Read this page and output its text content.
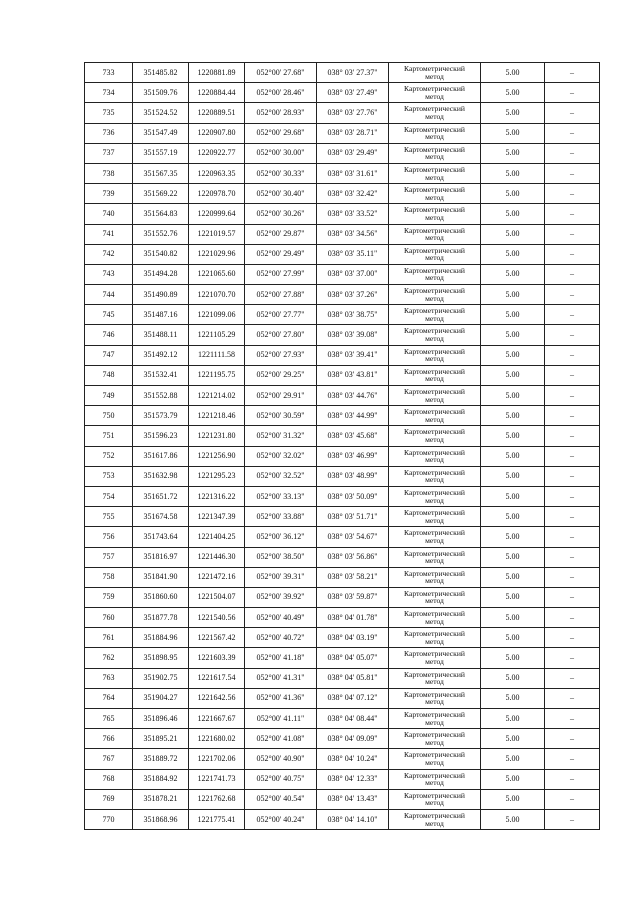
733	351485.82	1220881.89	052°00' 27.68"	038° 03' 27.37"	Картометрический
метод	5.00	–
734	351509.76	1220884.44	052°00' 28.46"	038° 03' 27.49"	Картометрический
метод	5.00	–
735	351524.52	1220889.51	052°00' 28.93"	038° 03' 27.76"	Картометрический
метод	5.00	–
736	351547.49	1220907.80	052°00' 29.68"	038° 03' 28.71"	Картометрический
метод	5.00	–
737	351557.19	1220922.77	052°00' 30.00"	038° 03' 29.49"	Картометрический
метод	5.00	–
738	351567.35	1220963.35	052°00' 30.33"	038° 03' 31.61"	Картометрический
метод	5.00	–
739	351569.22	1220978.70	052°00' 30.40"	038° 03' 32.42"	Картометрический
метод	5.00	–
740	351564.83	1220999.64	052°00' 30.26"	038° 03' 33.52"	Картометрический
метод	5.00	–
741	351552.76	1221019.57	052°00' 29.87"	038° 03' 34.56"	Картометрический
метод	5.00	–
742	351540.82	1221029.96	052°00' 29.49"	038° 03' 35.11"	Картометрический
метод	5.00	–
743	351494.28	1221065.60	052°00' 27.99"	038° 03' 37.00"	Картометрический
метод	5.00	–
744	351490.89	1221070.70	052°00' 27.88"	038° 03' 37.26"	Картометрический
метод	5.00	–
745	351487.16	1221099.06	052°00' 27.77"	038° 03' 38.75"	Картометрический
метод	5.00	–
746	351488.11	1221105.29	052°00' 27.80"	038° 03' 39.08"	Картометрический
метод	5.00	–
747	351492.12	1221111.58	052°00' 27.93"	038° 03' 39.41"	Картометрический
метод	5.00	–
748	351532.41	1221195.75	052°00' 29.25"	038° 03' 43.81"	Картометрический
метод	5.00	–
749	351552.88	1221214.02	052°00' 29.91"	038° 03' 44.76"	Картометрический
метод	5.00	–
750	351573.79	1221218.46	052°00' 30.59"	038° 03' 44.99"	Картометрический
метод	5.00	–
751	351596.23	1221231.80	052°00' 31.32"	038° 03' 45.68"	Картометрический
метод	5.00	–
752	351617.86	1221256.90	052°00' 32.02"	038° 03' 46.99"	Картометрический
метод	5.00	–
753	351632.98	1221295.23	052°00' 32.52"	038° 03' 48.99"	Картометрический
метод	5.00	–
754	351651.72	1221316.22	052°00' 33.13"	038° 03' 50.09"	Картометрический
метод	5.00	–
755	351674.58	1221347.39	052°00' 33.88"	038° 03' 51.71"	Картометрический
метод	5.00	–
756	351743.64	1221404.25	052°00' 36.12"	038° 03' 54.67"	Картометрический
метод	5.00	–
757	351816.97	1221446.30	052°00' 38.50"	038° 03' 56.86"	Картометрический
метод	5.00	–
758	351841.90	1221472.16	052°00' 39.31"	038° 03' 58.21"	Картометрический
метод	5.00	–
759	351860.60	1221504.07	052°00' 39.92"	038° 03' 59.87"	Картометрический
метод	5.00	–
760	351877.78	1221540.56	052°00' 40.49"	038° 04' 01.78"	Картометрический
метод	5.00	–
761	351884.96	1221567.42	052°00' 40.72"	038° 04' 03.19"	Картометрический
метод	5.00	–
762	351898.95	1221603.39	052°00' 41.18"	038° 04' 05.07"	Картометрический
метод	5.00	–
763	351902.75	1221617.54	052°00' 41.31"	038° 04' 05.81"	Картометрический
метод	5.00	–
764	351904.27	1221642.56	052°00' 41.36"	038° 04' 07.12"	Картометрический
метод	5.00	–
765	351896.46	1221667.67	052°00' 41.11"	038° 04' 08.44"	Картометрический
метод	5.00	–
766	351895.21	1221680.02	052°00' 41.08"	038° 04' 09.09"	Картометрический
метод	5.00	–
767	351889.72	1221702.06	052°00' 40.90"	038° 04' 10.24"	Картометрический
метод	5.00	–
768	351884.92	1221741.73	052°00' 40.75"	038° 04' 12.33"	Картометрический
метод	5.00	–
769	351878.21	1221762.68	052°00' 40.54"	038° 04' 13.43"	Картометрический
метод	5.00	–
770	351868.96	1221775.41	052°00' 40.24"	038° 04' 14.10"	Картометрический
метод	5.00	–
